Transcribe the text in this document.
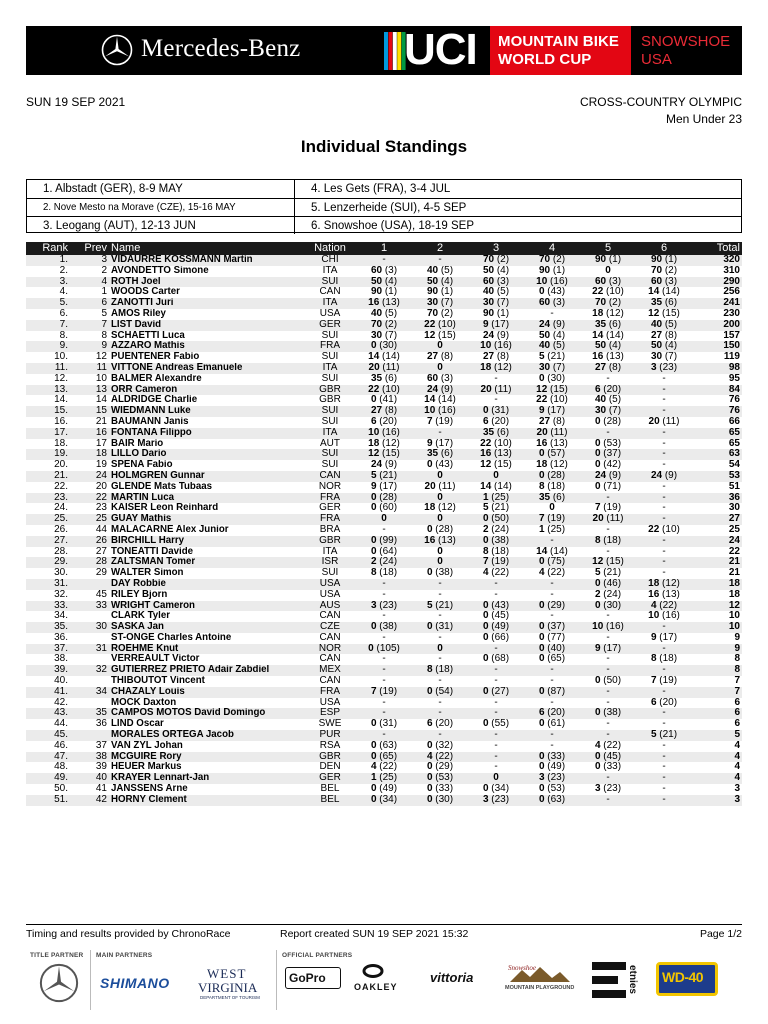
Mercedes-Benz UCI MOUNTAIN BIKE
WORLD CUP
SNOWSHOE
USA
SUN 19 SEP 2021	CROSS-COUNTRY OLYMPIC
Men Under 23
Individual Standings
1. Albstadt (GER), 8-9 MAY	4. Les Gets (FRA), 3-4 JUL
2. Nove Mesto na Morave (CZE), 15-16 MAY	5. Lenzerheide (SUI), 4-5 SEP
3. Leogang (AUT), 12-13 JUN	6. Snowshoe (USA), 18-19 SEP
Rank	Prev	Name	Nation	1	2	3	4	5	6	Total
1.	3	VIDAURRE KOSSMANN Martin	CHI	-	-	70 (2)	70 (2)	90 (1)	90 (1)	320
2.	2	AVONDETTO Simone	ITA	60 (3)	40 (5)	50 (4)	90 (1)	0	70 (2)	310
3.	4	ROTH Joel	SUI	50 (4)	50 (4)	60 (3)	10 (16)	60 (3)	60 (3)	290
4.	1	WOODS Carter	CAN	90 (1)	90 (1)	40 (5)	0 (43)	22 (10)	14 (14)	256
5.	6	ZANOTTI Juri	ITA	16 (13)	30 (7)	30 (7)	60 (3)	70 (2)	35 (6)	241
6.	5	AMOS Riley	USA	40 (5)	70 (2)	90 (1)	-	18 (12)	12 (15)	230
7.	7	LIST David	GER	70 (2)	22 (10)	9 (17)	24 (9)	35 (6)	40 (5)	200
8.	8	SCHAETTI Luca	SUI	30 (7)	12 (15)	24 (9)	50 (4)	14 (14)	27 (8)	157
9.	9	AZZARO Mathis	FRA	0 (30)	0	10 (16)	40 (5)	50 (4)	50 (4)	150
10.	12	PUENTENER Fabio	SUI	14 (14)	27 (8)	27 (8)	5 (21)	16 (13)	30 (7)	119
11.	11	VITTONE Andreas Emanuele	ITA	20 (11)	0	18 (12)	30 (7)	27 (8)	3 (23)	98
12.	10	BALMER Alexandre	SUI	35 (6)	60 (3)	-	0 (30)	-	-	95
13.	13	ORR Cameron	GBR	22 (10)	24 (9)	20 (11)	12 (15)	6 (20)	-	84
14.	14	ALDRIDGE Charlie	GBR	0 (41)	14 (14)	-	22 (10)	40 (5)	-	76
15.	15	WIEDMANN Luke	SUI	27 (8)	10 (16)	0 (31)	9 (17)	30 (7)	-	76
16.	21	BAUMANN Janis	SUI	6 (20)	7 (19)	6 (20)	27 (8)	0 (28)	20 (11)	66
17.	16	FONTANA Filippo	ITA	10 (16)	-	35 (6)	20 (11)	-	-	65
18.	17	BAIR Mario	AUT	18 (12)	9 (17)	22 (10)	16 (13)	0 (53)	-	65
19.	18	LILLO Dario	SUI	12 (15)	35 (6)	16 (13)	0 (57)	0 (37)	-	63
20.	19	SPENA Fabio	SUI	24 (9)	0 (43)	12 (15)	18 (12)	0 (42)	-	54
21.	24	HOLMGREN Gunnar	CAN	5 (21)	0	0	0 (28)	24 (9)	24 (9)	53
22.	20	GLENDE Mats Tubaas	NOR	9 (17)	20 (11)	14 (14)	8 (18)	0 (71)	-	51
23.	22	MARTIN Luca	FRA	0 (28)	0	1 (25)	35 (6)	-	-	36
24.	23	KAISER Leon Reinhard	GER	0 (60)	18 (12)	5 (21)	0	7 (19)	-	30
25.	25	GUAY Mathis	FRA	0	0	0 (50)	7 (19)	20 (11)	-	27
26.	44	MALACARNE Alex Junior	BRA	-	0 (28)	2 (24)	1 (25)	-	22 (10)	25
27.	26	BIRCHILL Harry	GBR	0 (99)	16 (13)	0 (38)	-	8 (18)	-	24
28.	27	TONEATTI Davide	ITA	0 (64)	0	8 (18)	14 (14)	-	-	22
29.	28	ZALTSMAN Tomer	ISR	2 (24)	0	7 (19)	0 (75)	12 (15)	-	21
30.	29	WALTER Simon	SUI	8 (18)	0 (38)	4 (22)	4 (22)	5 (21)	-	21
31.		DAY Robbie	USA	-	-	-	-	0 (46)	18 (12)	18
32.	45	RILEY Bjorn	USA	-	-	-	-	2 (24)	16 (13)	18
33.	33	WRIGHT Cameron	AUS	3 (23)	5 (21)	0 (43)	0 (29)	0 (30)	4 (22)	12
34.		CLARK Tyler	CAN	-	-	0 (45)	-	-	10 (16)	10
35.	30	SASKA Jan	CZE	0 (38)	0 (31)	0 (49)	0 (37)	10 (16)	-	10
36.		ST-ONGE Charles Antoine	CAN	-	-	0 (66)	0 (77)	-	9 (17)	9
37.	31	ROEHME Knut	NOR	0 (105)	0	-	0 (40)	9 (17)	-	9
38.		VERREAULT Victor	CAN	-	-	0 (68)	0 (65)	-	8 (18)	8
39.	32	GUTIERREZ PRIETO Adair Zabdiel	MEX	-	8 (18)	-	-	-	-	8
40.		THIBOUTOT Vincent	CAN	-	-	-	-	0 (50)	7 (19)	7
41.	34	CHAZALY Louis	FRA	7 (19)	0 (54)	0 (27)	0 (87)	-	-	7
42.		MOCK Daxton	USA	-	-	-	-	-	6 (20)	6
43.	35	CAMPOS MOTOS David Domingo	ESP	-	-	-	6 (20)	0 (38)	-	6
44.	36	LIND Oscar	SWE	0 (31)	6 (20)	0 (55)	0 (61)	-	-	6
45.		MORALES ORTEGA Jacob	PUR	-	-	-	-	-	5 (21)	5
46.	37	VAN ZYL Johan	RSA	0 (63)	0 (32)	-	-	4 (22)	-	4
47.	38	MCGUIRE Rory	GBR	0 (65)	4 (22)	-	0 (33)	0 (45)	-	4
48.	39	HEUER Markus	DEN	4 (22)	0 (29)	-	0 (49)	0 (33)	-	4
49.	40	KRAYER Lennart-Jan	GER	1 (25)	0 (53)	0	3 (23)	-	-	4
50.	41	JANSSENS Arne	BEL	0 (49)	0 (33)	0 (34)	0 (53)	3 (23)	-	3
51.	42	HORNY Clement	BEL	0 (34)	0 (30)	3 (23)	0 (63)	-	-	3
Timing and results provided by ChronoRace	Report created SUN 19 SEP 2021 15:32	Page 1/2
TITLE PARTNER MAIN PARTNERS	OFFICIAL PARTNERS
SHIMANO
WEST
VIRGINIA
DEPARTMENT OF TOURISM
GoPro
OAKLEY
vittoria
Snowshoe
MOUNTAIN PLAYGROUND	etnies WD-40
